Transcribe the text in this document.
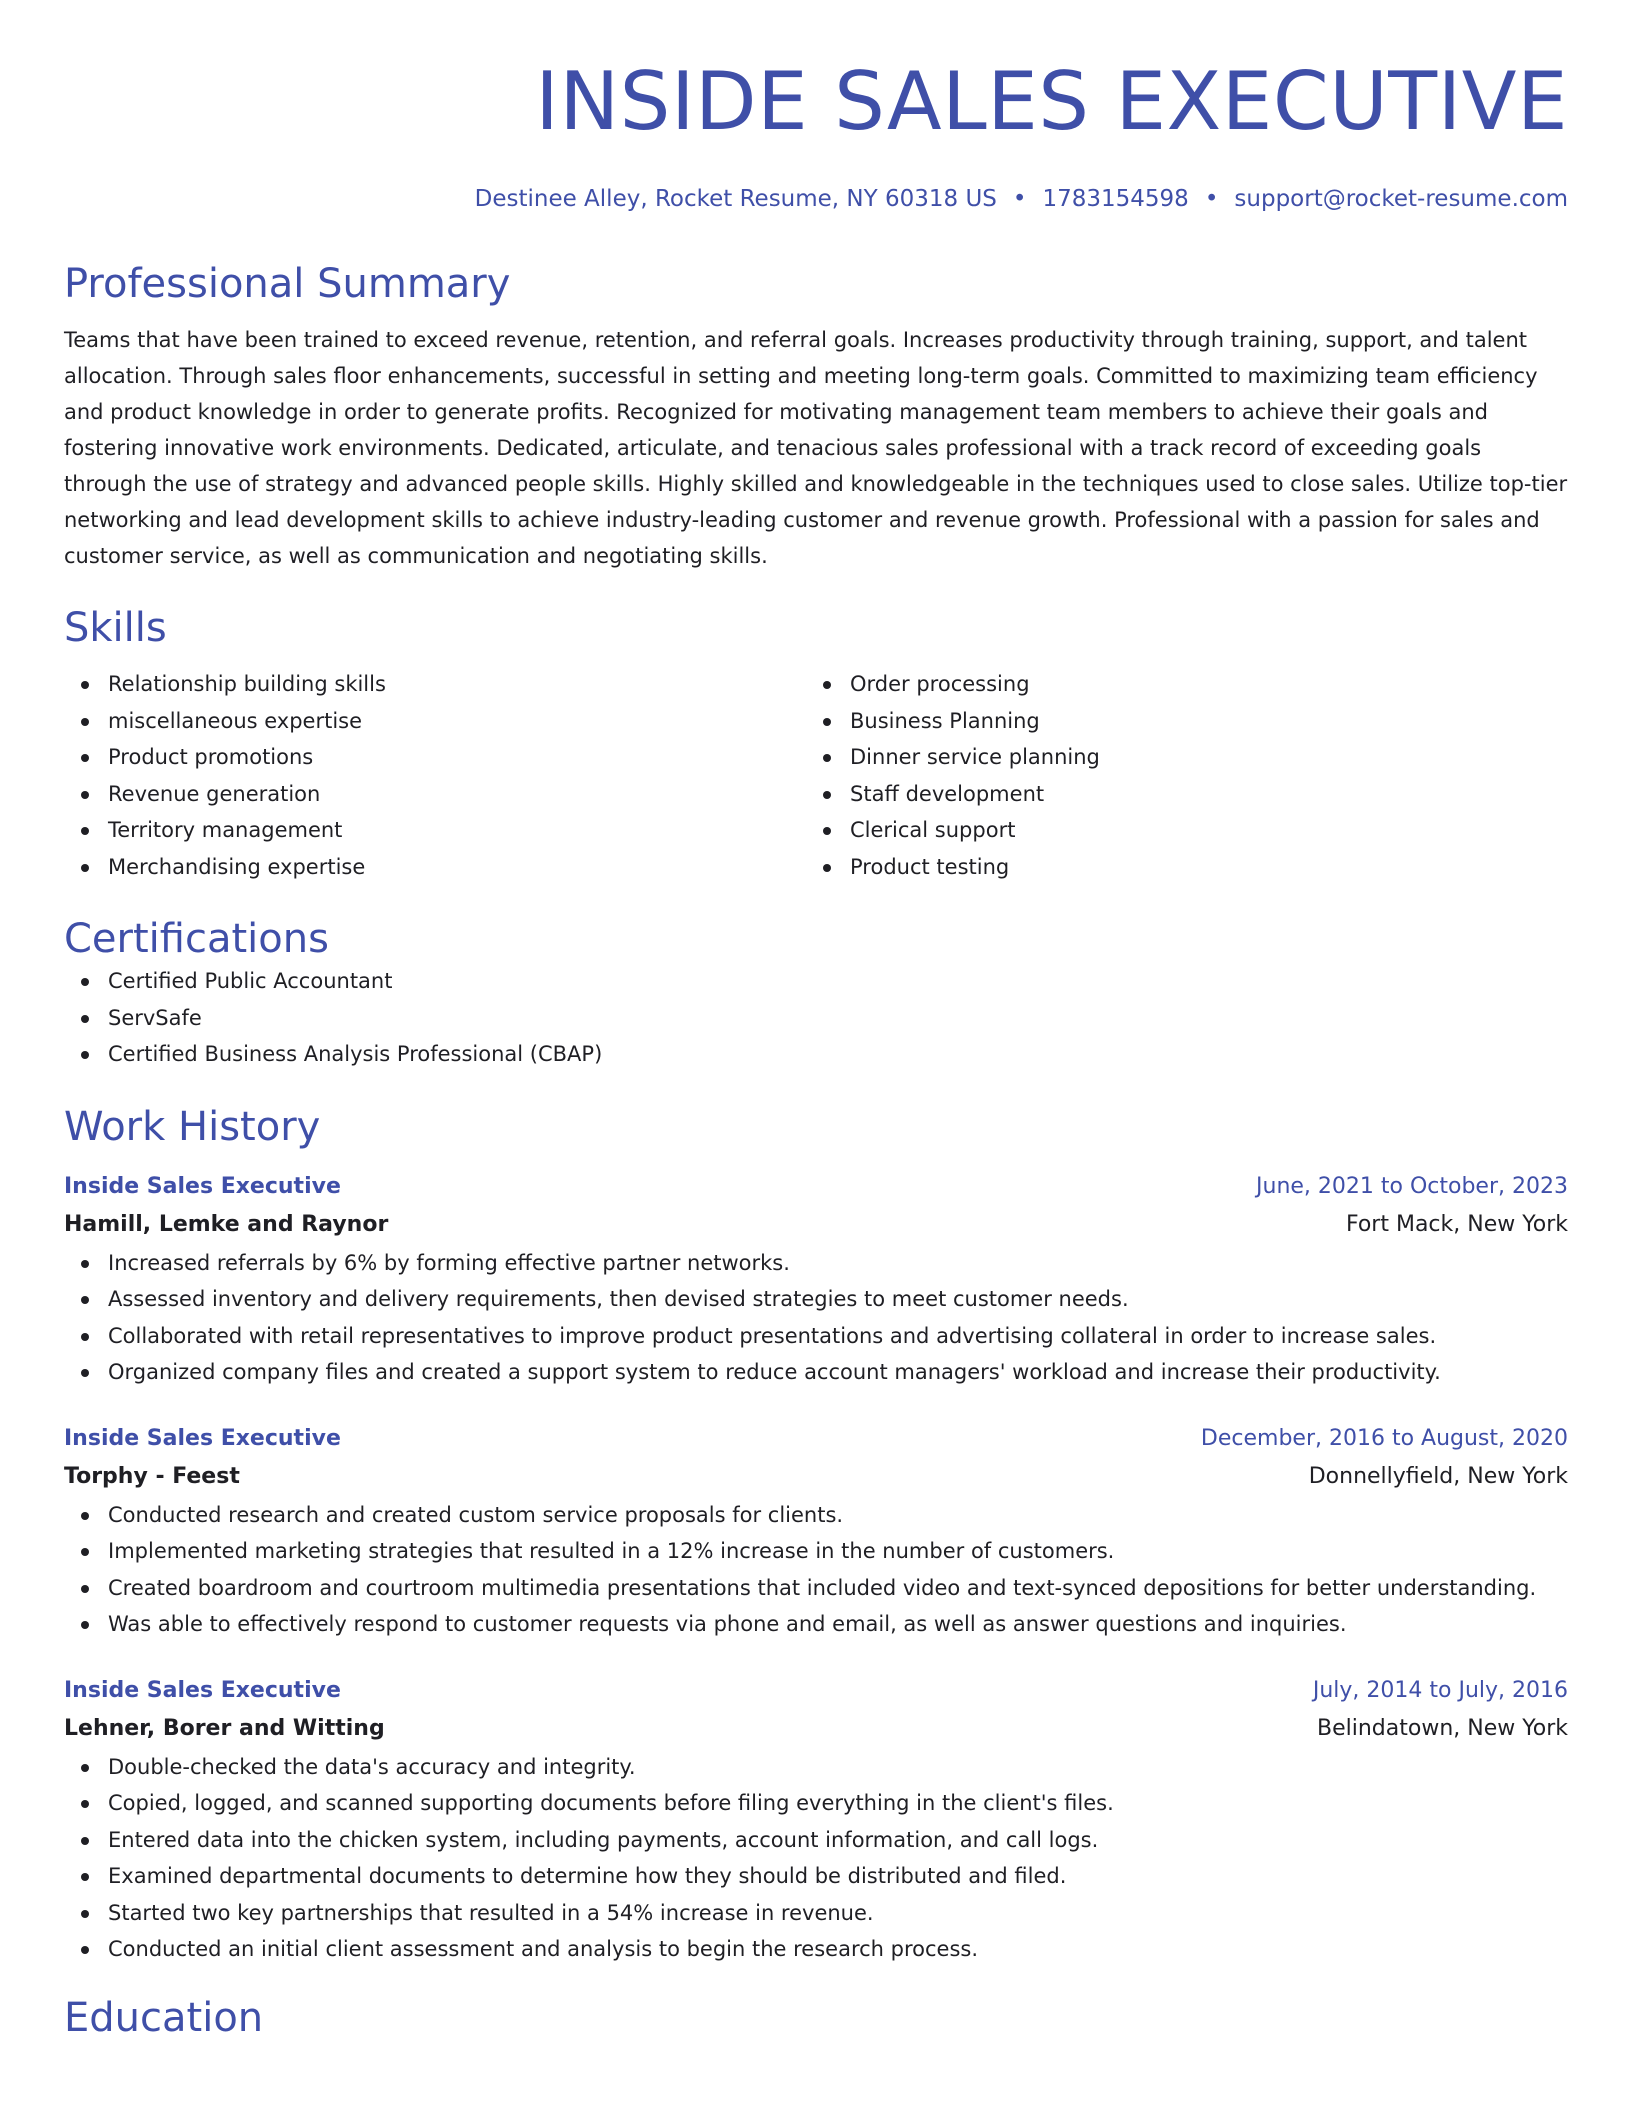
INSIDE SALES EXECUTIVE
Destinee Alley, Rocket Resume, NY 60318 US • 1783154598 • support@rocket-resume.com
Professional Summary

Teams that have been trained to exceed revenue, retention, and referral goals. Increases productivity through training, support, and talent allocation. Through sales floor enhancements, successful in setting and meeting long-term goals. Committed to maximizing team efficiency and product knowledge in order to generate profits. Recognized for motivating management team members to achieve their goals and fostering innovative work environments. Dedicated, articulate, and tenacious sales professional with a track record of exceeding goals through the use of strategy and advanced people skills. Highly skilled and knowledgeable in the techniques used to close sales. Utilize top-tier networking and lead development skills to achieve industry-leading customer and revenue growth. Professional with a passion for sales and customer service, as well as communication and negotiating skills.

Skills
Relationship building skills
miscellaneous expertise
Product promotions
Revenue generation
Territory management
Merchandising expertise
Order processing
Business Planning
Dinner service planning
Staff development
Clerical support
Product testing
Certifications
Certified Public Accountant
ServSafe
Certified Business Analysis Professional (CBAP)
Work History
Inside Sales Executive	June, 2021 to October, 2023
Hamill, Lemke and Raynor	Fort Mack, New York
Increased referrals by 6% by forming effective partner networks.
Assessed inventory and delivery requirements, then devised strategies to meet customer needs.
Collaborated with retail representatives to improve product presentations and advertising collateral in order to increase sales.
Organized company files and created a support system to reduce account managers' workload and increase their productivity.
Inside Sales Executive	December, 2016 to August, 2020
Torphy - Feest	Donnellyfield, New York
Conducted research and created custom service proposals for clients.
Implemented marketing strategies that resulted in a 12% increase in the number of customers.
Created boardroom and courtroom multimedia presentations that included video and text-synced depositions for better understanding.
Was able to effectively respond to customer requests via phone and email, as well as answer questions and inquiries.
Inside Sales Executive	July, 2014 to July, 2016
Lehner, Borer and Witting	Belindatown, New York
Double-checked the data's accuracy and integrity.
Copied, logged, and scanned supporting documents before filing everything in the client's files.
Entered data into the chicken system, including payments, account information, and call logs.
Examined departmental documents to determine how they should be distributed and filed.
Started two key partnerships that resulted in a 54% increase in revenue.
Conducted an initial client assessment and analysis to begin the research process.
Education
